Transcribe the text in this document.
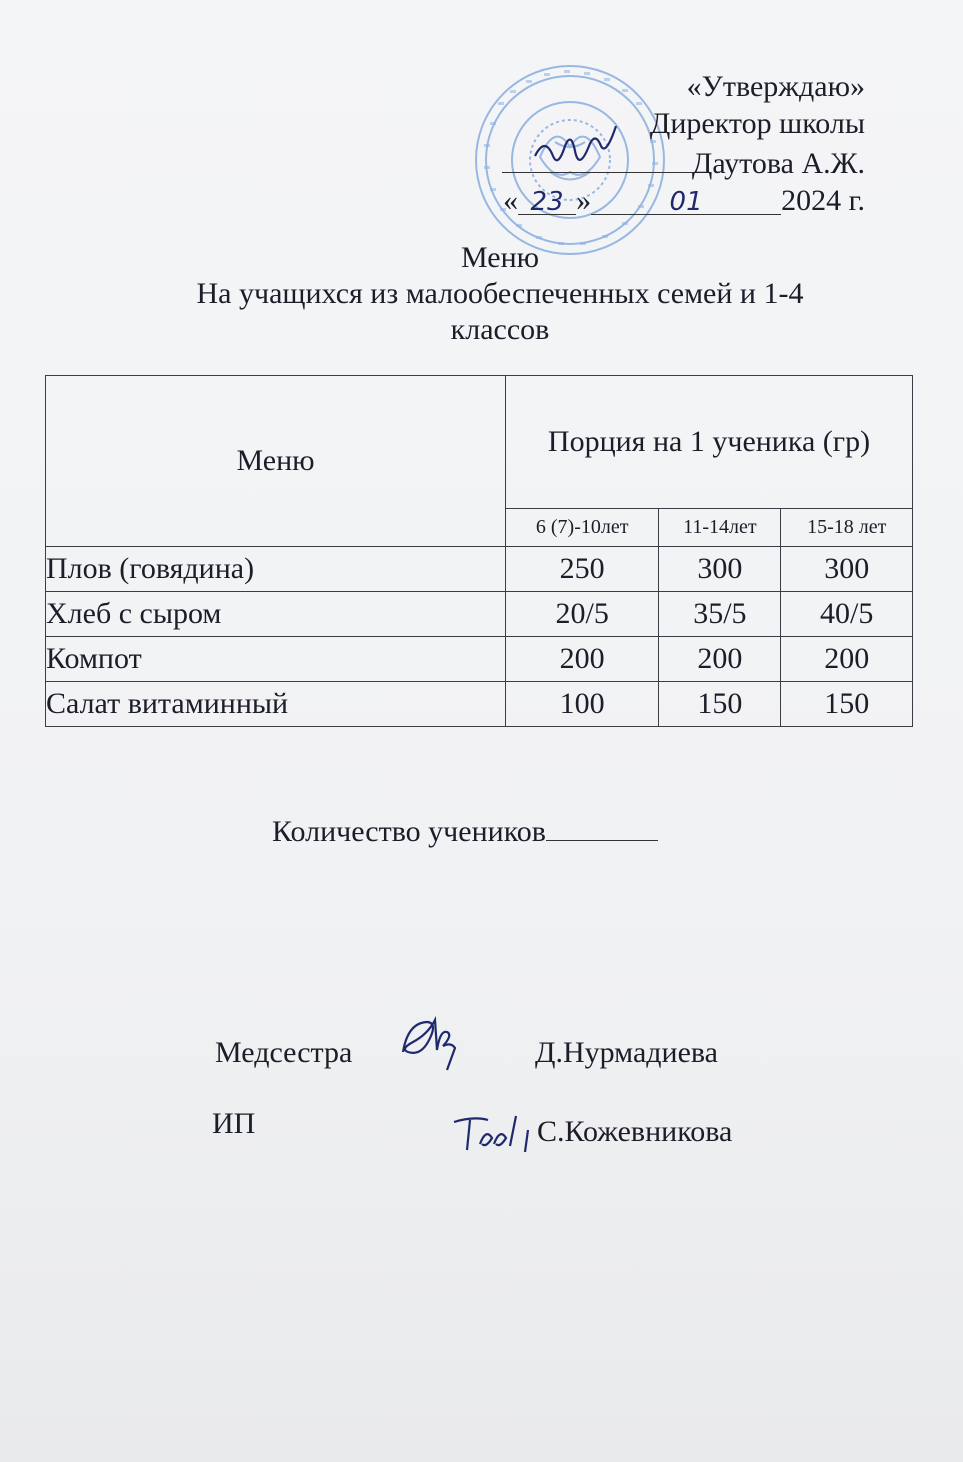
«Утверждаю»
Директор школы
Даутова А.Ж.
« 23 »	01	2024 г.
Меню
На учащихся из малообеспеченных семей и 1-4
классов
Меню	Порция на 1 ученика (гр)		
	6 (7)-10лет	11-14лет	15-18 лет
Плов (говядина)	250	300	300
Хлеб с сыром	20/5	35/5	40/5
Компот	200	200	200
Салат витаминный	100	150	150
Количество учеников
Медсестра	Д.Нурмадиева
ИП	С.Кожевникова
